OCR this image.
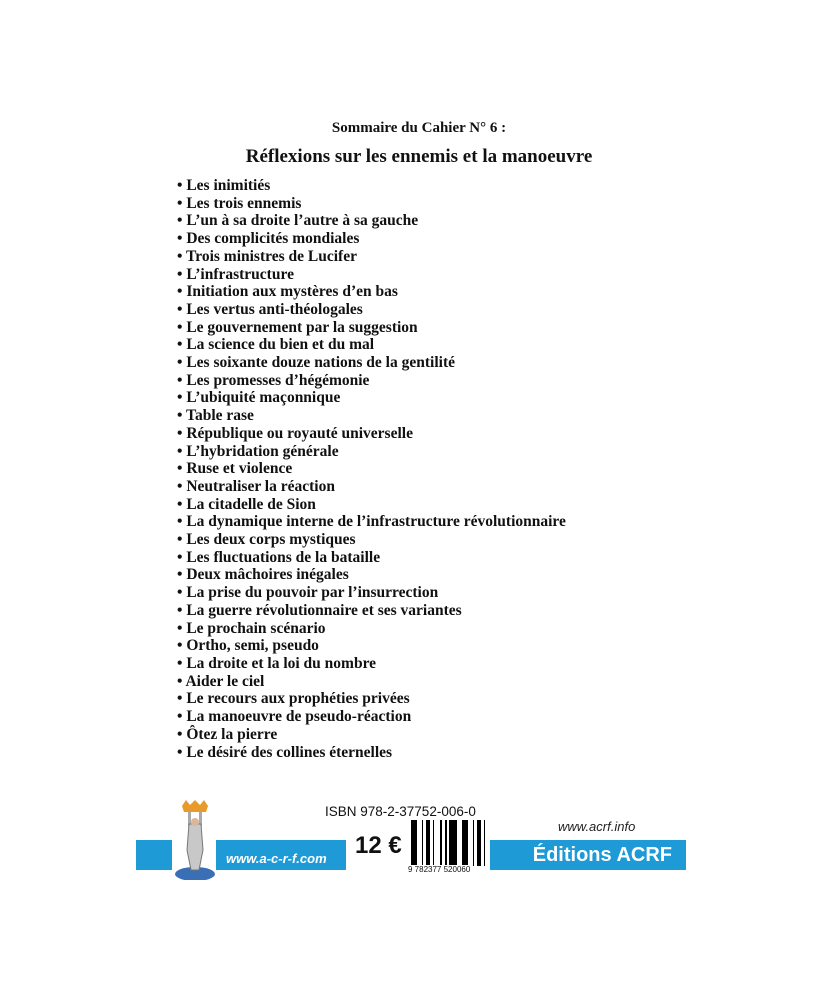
Sommaire du Cahier N° 6 :
Réflexions sur les ennemis et la manoeuvre
• Les inimitiés
• Les trois ennemis
• L’un à sa droite l’autre à sa gauche
• Des complicités mondiales
• Trois ministres de Lucifer
• L’infrastructure
• Initiation aux mystères d’en bas
• Les vertus anti-théologales
• Le gouvernement par la suggestion
• La science du bien et du mal
• Les soixante douze nations de la gentilité
• Les promesses d’hégémonie
• L’ubiquité maçonnique
• Table rase
• République ou royauté universelle
• L’hybridation générale
• Ruse et violence
• Neutraliser la réaction
• La citadelle de Sion
• La dynamique interne de l’infrastructure révolutionnaire
• Les deux corps mystiques
• Les fluctuations de la bataille
• Deux mâchoires inégales
• La prise du pouvoir par l’insurrection
• La guerre révolutionnaire et ses variantes
• Le prochain scénario
• Ortho, semi, pseudo
• La droite et la loi du nombre
• Aider le ciel
• Le recours aux prophéties privées
• La manoeuvre de pseudo-réaction
• Ôtez la pierre
• Le désiré des collines éternelles
www.a-c-r-f.com
ISBN 978-2-37752-006-0
12 €
9 782377 520060
www.acrf.info
Éditions ACRF
